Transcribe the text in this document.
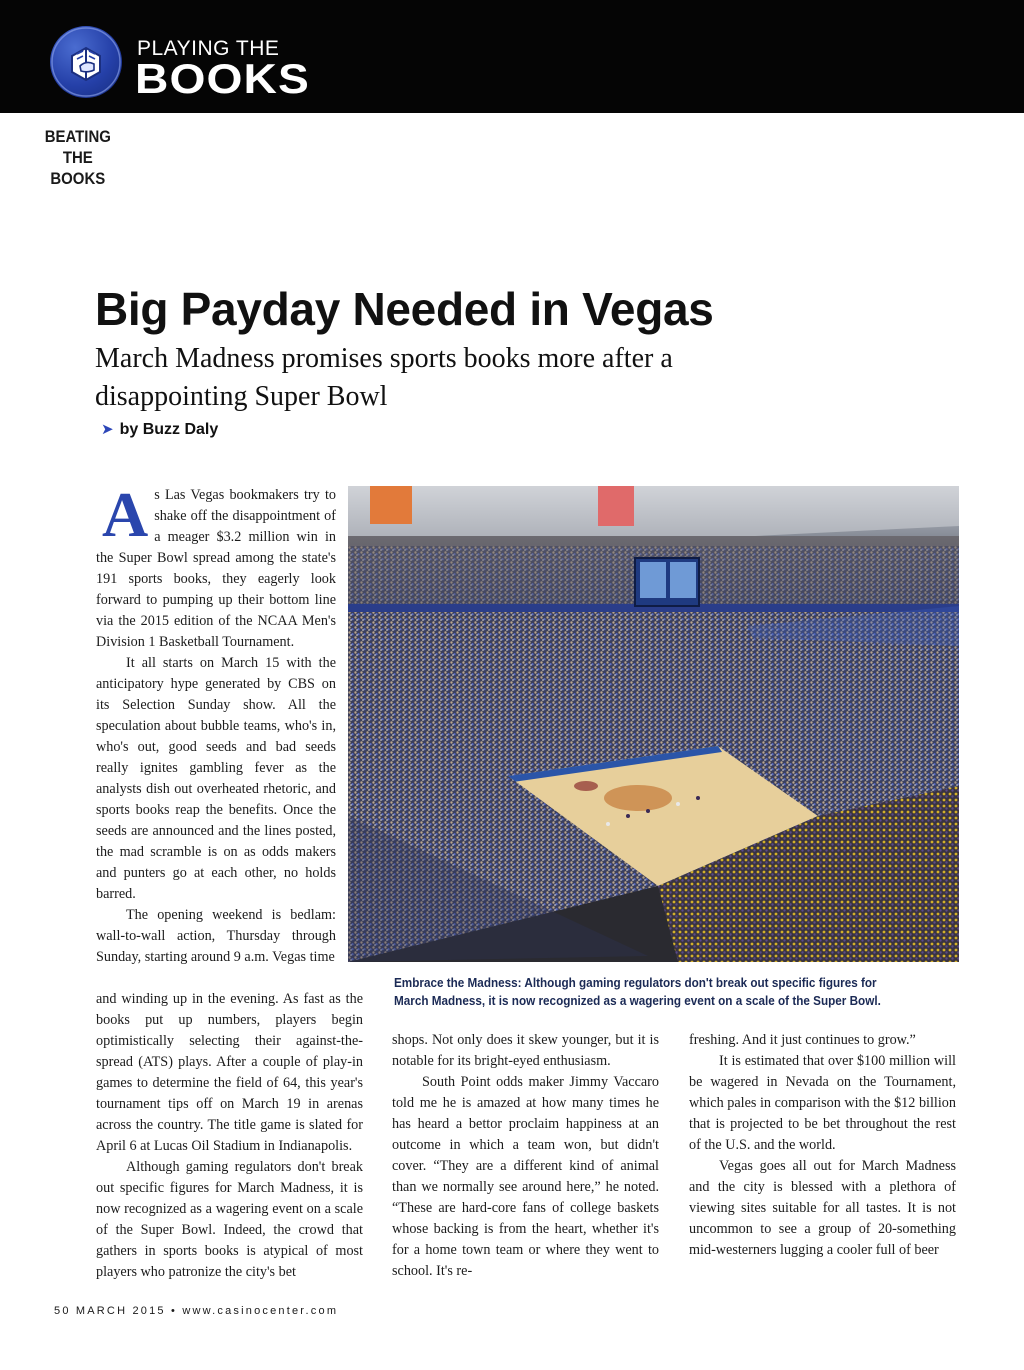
PLAYING THE
BOOKS
BEATING THE BOOKS
Big Payday Needed in Vegas
March Madness promises sports books more after a disappointing Super Bowl
➤ by Buzz Daly

As Las Vegas bookmakers try to shake off the disappointment of a meager $3.2 million win in the Super Bowl spread among the state's 191 sports books, they eagerly look forward to pumping up their bottom line via the 2015 edition of the NCAA Men's Division 1 Basketball Tournament.

It all starts on March 15 with the anticipatory hype generated by CBS on its Selection Sunday show. All the speculation about bubble teams, who's in, who's out, good seeds and bad seeds really ignites gambling fever as the analysts dish out overheated rhetoric, and sports books reap the benefits. Once the seeds are announced and the lines posted, the mad scramble is on as odds makers and punters go at each other, no holds barred.

The opening weekend is bedlam: wall-to-wall action, Thursday through Sunday, starting around 9 a.m. Vegas time

Embrace the Madness: Although gaming regulators don't break out specific figures for
March Madness, it is now recognized as a wagering event on a scale of the Super Bowl.

and winding up in the evening. As fast as the books put up numbers, players begin optimistically selecting their against-the-spread (ATS) plays. After a couple of play-in games to determine the field of 64, this year's tournament tips off on March 19 in arenas across the country. The title game is slated for April 6 at Lucas Oil Stadium in Indianapolis.

Although gaming regulators don't break out specific figures for March Madness, it is now recognized as a wagering event on a scale of the Super Bowl. Indeed, the crowd that gathers in sports books is atypical of most players who patronize the city's bet

shops. Not only does it skew younger, but it is notable for its bright-eyed enthusiasm.

South Point odds maker Jimmy Vaccaro told me he is amazed at how many times he has heard a bettor proclaim happiness at an outcome in which a team won, but didn't cover. “They are a different kind of animal than we normally see around here,” he noted. “These are hard-core fans of college baskets whose backing is from the heart, whether it's for a home town team or where they went to school. It's re-

freshing. And it just continues to grow.”

It is estimated that over $100 million will be wagered in Nevada on the Tournament, which pales in comparison with the $12 billion that is projected to be bet throughout the rest of the U.S. and the world.

Vegas goes all out for March Madness and the city is blessed with a plethora of viewing sites suitable for all tastes. It is not uncommon to see a group of 20-something mid-westerners lugging a cooler full of beer

50 MARCH 2015 • www.casinocenter.com
